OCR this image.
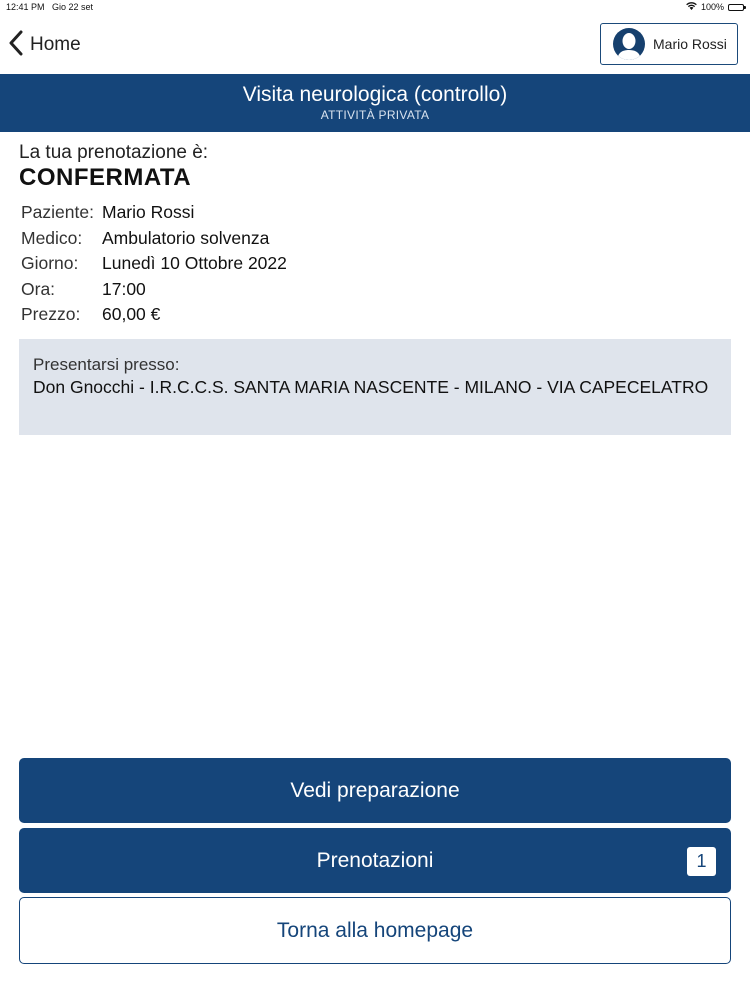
12:41 PM Gio 22 set	100%
Home	Mario Rossi
Visita neurologica (controllo)
ATTIVITÀ PRIVATA
La tua prenotazione è:
CONFERMATA
Paziente:	Mario Rossi
Medico:	Ambulatorio solvenza
Giorno:	Lunedì 10 Ottobre 2022
Ora:	17:00
Prezzo:	60,00 €
Presentarsi presso:
Don Gnocchi - I.R.C.C.S. SANTA MARIA NASCENTE - MILANO - VIA CAPECELATRO
Vedi preparazione
Prenotazioni	1
Torna alla homepage
